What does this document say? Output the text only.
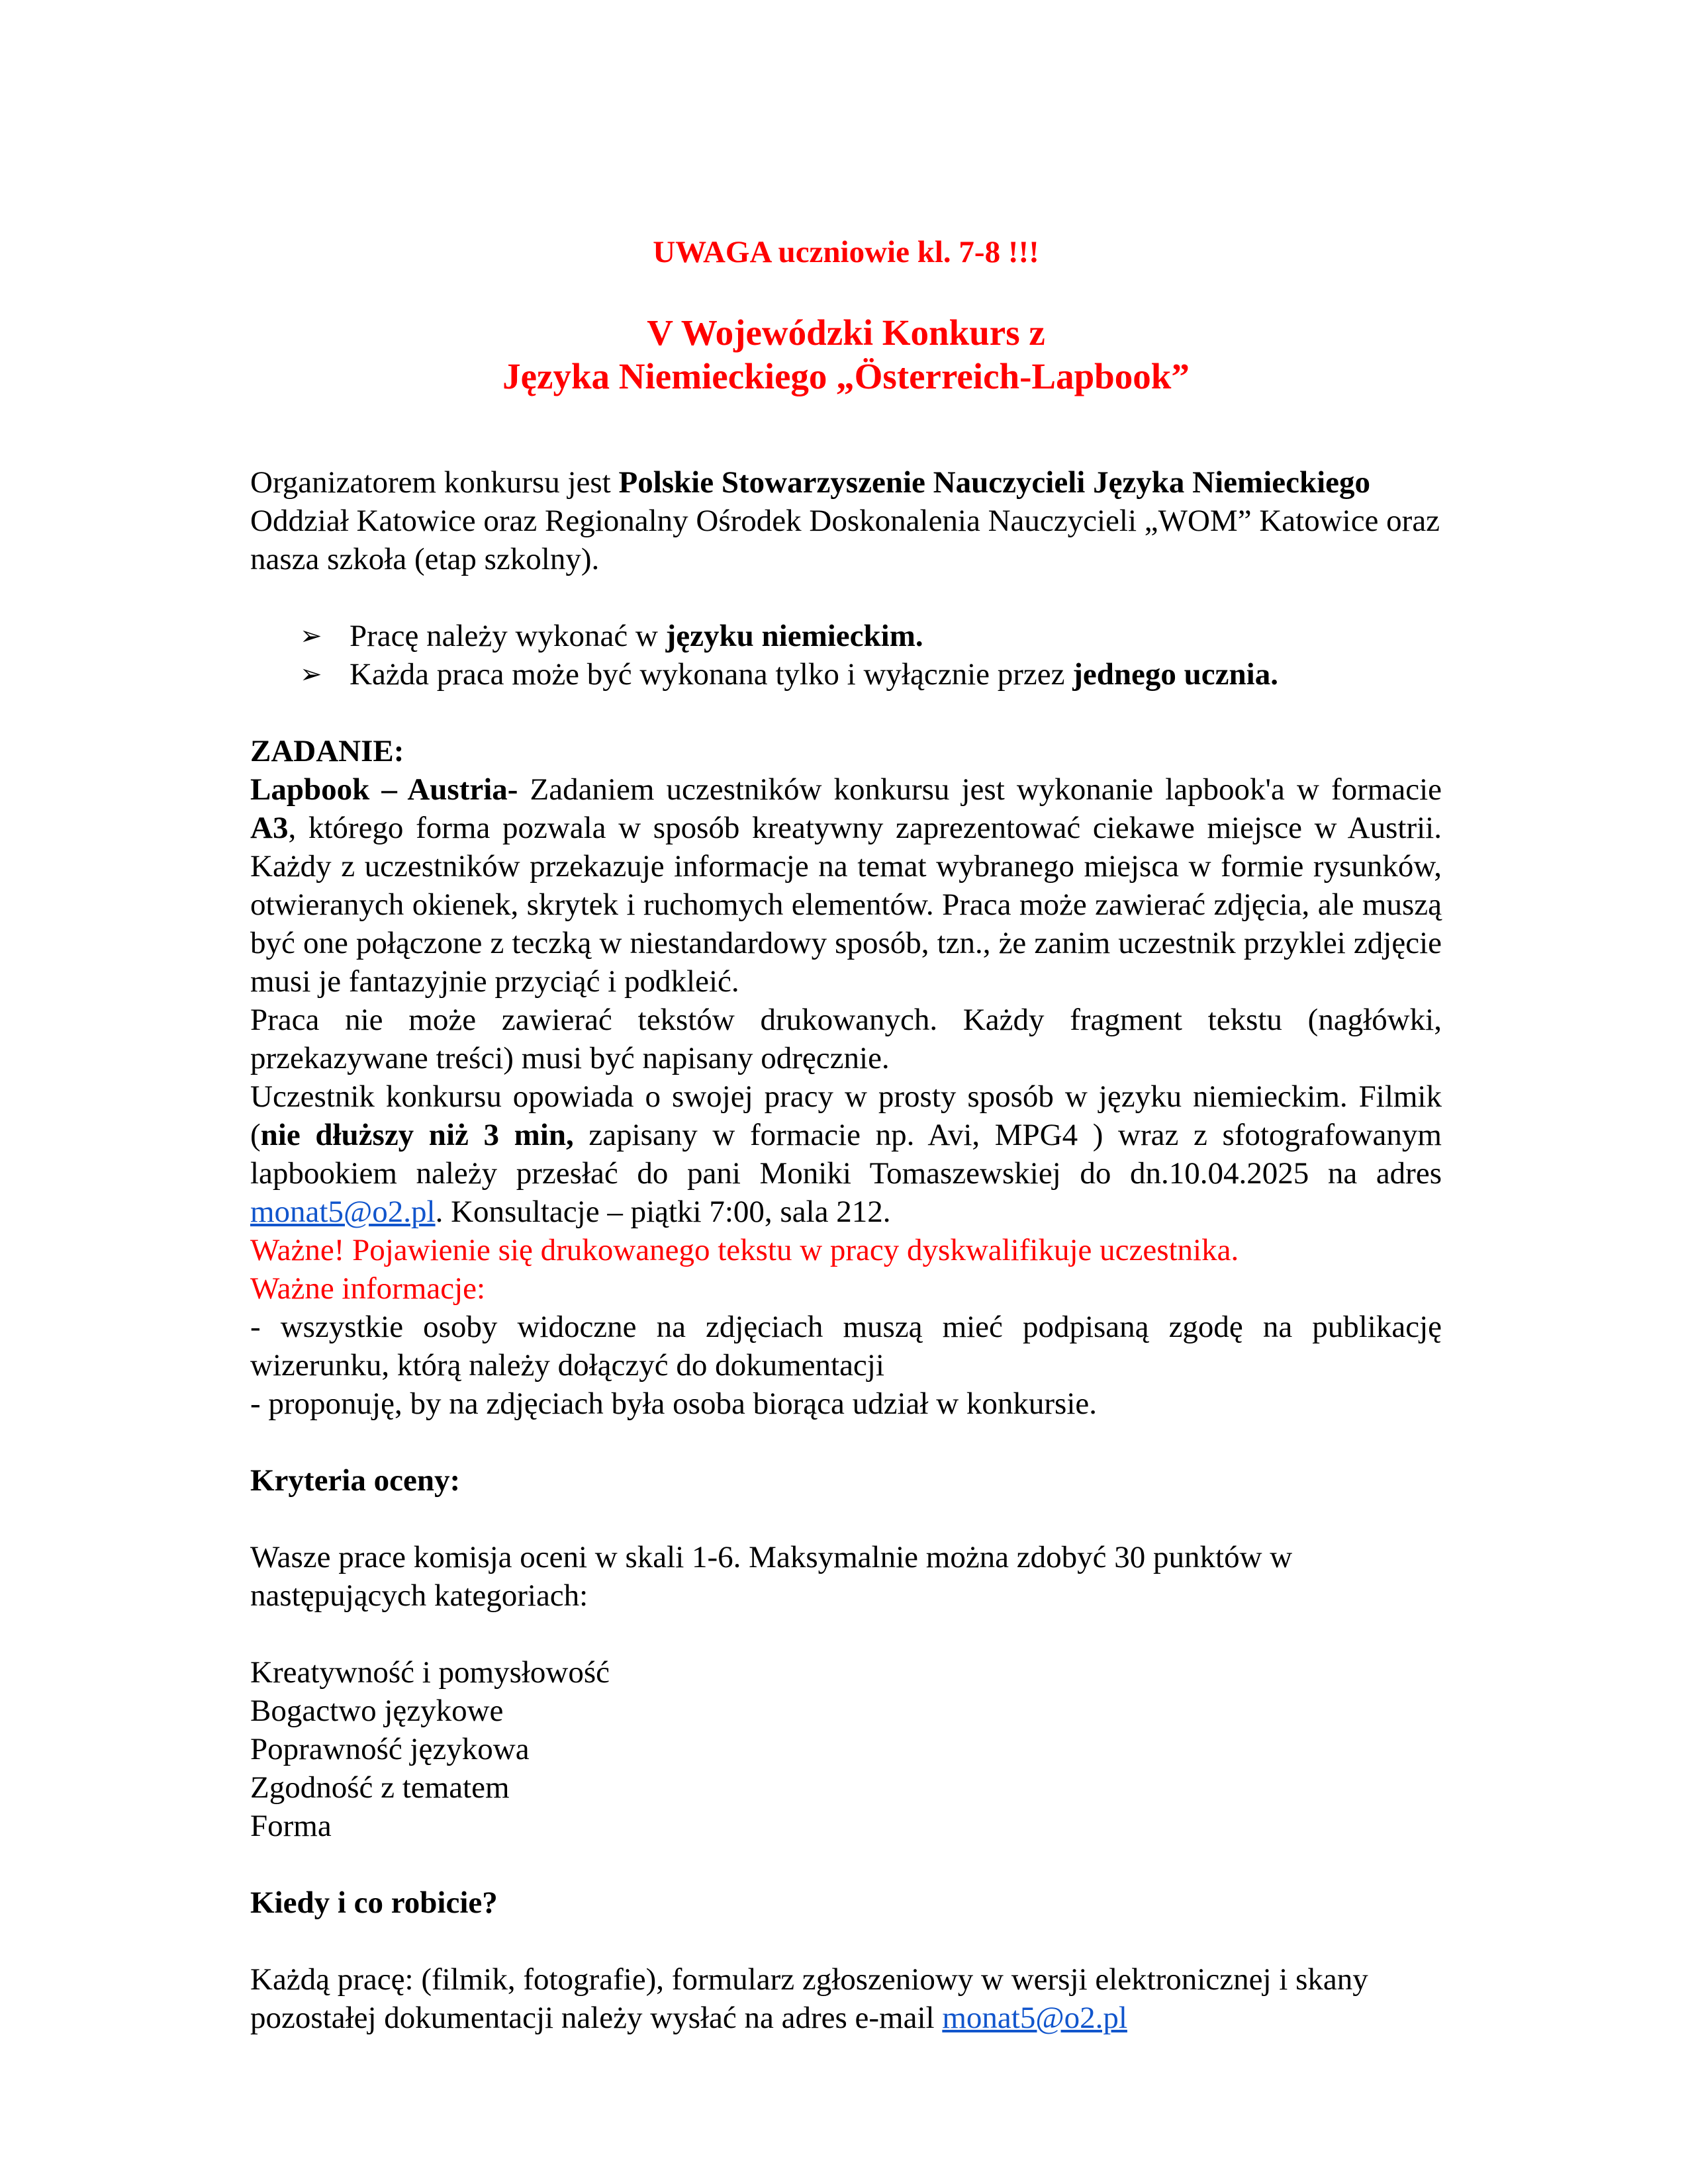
UWAGA uczniowie kl. 7-8 !!!
V Wojewódzki Konkurs z
Języka Niemieckiego „Österreich-Lapbook”

Organizatorem konkursu jest Polskie Stowarzyszenie Nauczycieli Języka Niemieckiego Oddział Katowice oraz Regionalny Ośrodek Doskonalenia Nauczycieli „WOM” Katowice oraz nasza szkoła (etap szkolny).

➢ Pracę należy wykonać w języku niemieckim.
➢ Każda praca może być wykonana tylko i wyłącznie przez jednego ucznia.
ZADANIE:

Lapbook – Austria- Zadaniem uczestników konkursu jest wykonanie lapbook'a w formacie A3, którego forma pozwala w sposób kreatywny zaprezentować ciekawe miejsce w Austrii. Każdy z uczestników przekazuje informacje na temat wybranego miejsca w formie rysunków, otwieranych okienek, skrytek i ruchomych elementów. Praca może zawierać zdjęcia, ale muszą być one połączone z teczką w niestandardowy sposób, tzn., że zanim uczestnik przyklei zdjęcie musi je fantazyjnie przyciąć i podkleić.

Praca nie może zawierać tekstów drukowanych. Każdy fragment tekstu (nagłówki, przekazywane treści) musi być napisany odręcznie.

Uczestnik konkursu opowiada o swojej pracy w prosty sposób w języku niemieckim. Filmik (nie dłuższy niż 3 min, zapisany w formacie np. Avi, MPG4 ) wraz z sfotografowanym lapbookiem należy przesłać do pani Moniki Tomaszewskiej do dn.10.04.2025 na adres monat5@o2.pl. Konsultacje – piątki 7:00, sala 212.

Ważne! Pojawienie się drukowanego tekstu w pracy dyskwalifikuje uczestnika.

Ważne informacje:

- wszystkie osoby widoczne na zdjęciach muszą mieć podpisaną zgodę na publikację wizerunku, którą należy dołączyć do dokumentacji

- proponuję, by na zdjęciach była osoba biorąca udział w konkursie.

Kryteria oceny:

Wasze prace komisja oceni w skali 1-6. Maksymalnie można zdobyć 30 punktów w następujących kategoriach:

Kreatywność i pomysłowość
Bogactwo językowe
Poprawność językowa
Zgodność z tematem
Forma
Kiedy i co robicie?

Każdą pracę: (filmik, fotografie), formularz zgłoszeniowy w wersji elektronicznej i skany pozostałej dokumentacji należy wysłać na adres e-mail monat5@o2.pl
